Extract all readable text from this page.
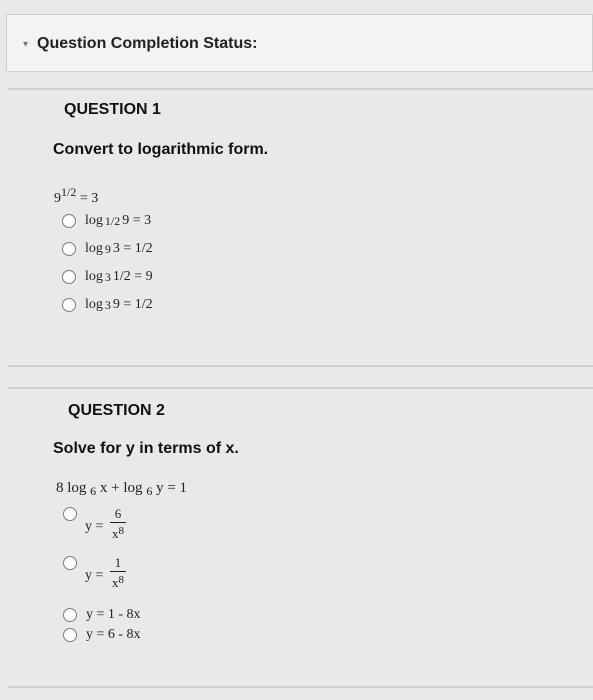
▾ Question Completion Status:
QUESTION 1
Convert to logarithmic form.
$9^{1/2} = 3$
log 1/2 9 = 3
log 9 3 = 1/2
log 3 1/2 = 9
log 3 9 = 1/2
QUESTION 2
Solve for y in terms of x.
8 log $_6$ x + log $_6$ y = 1
y =
6
$x^8$
y =
1
$x^8$
y = 1 - 8x
y = 6 - 8x
